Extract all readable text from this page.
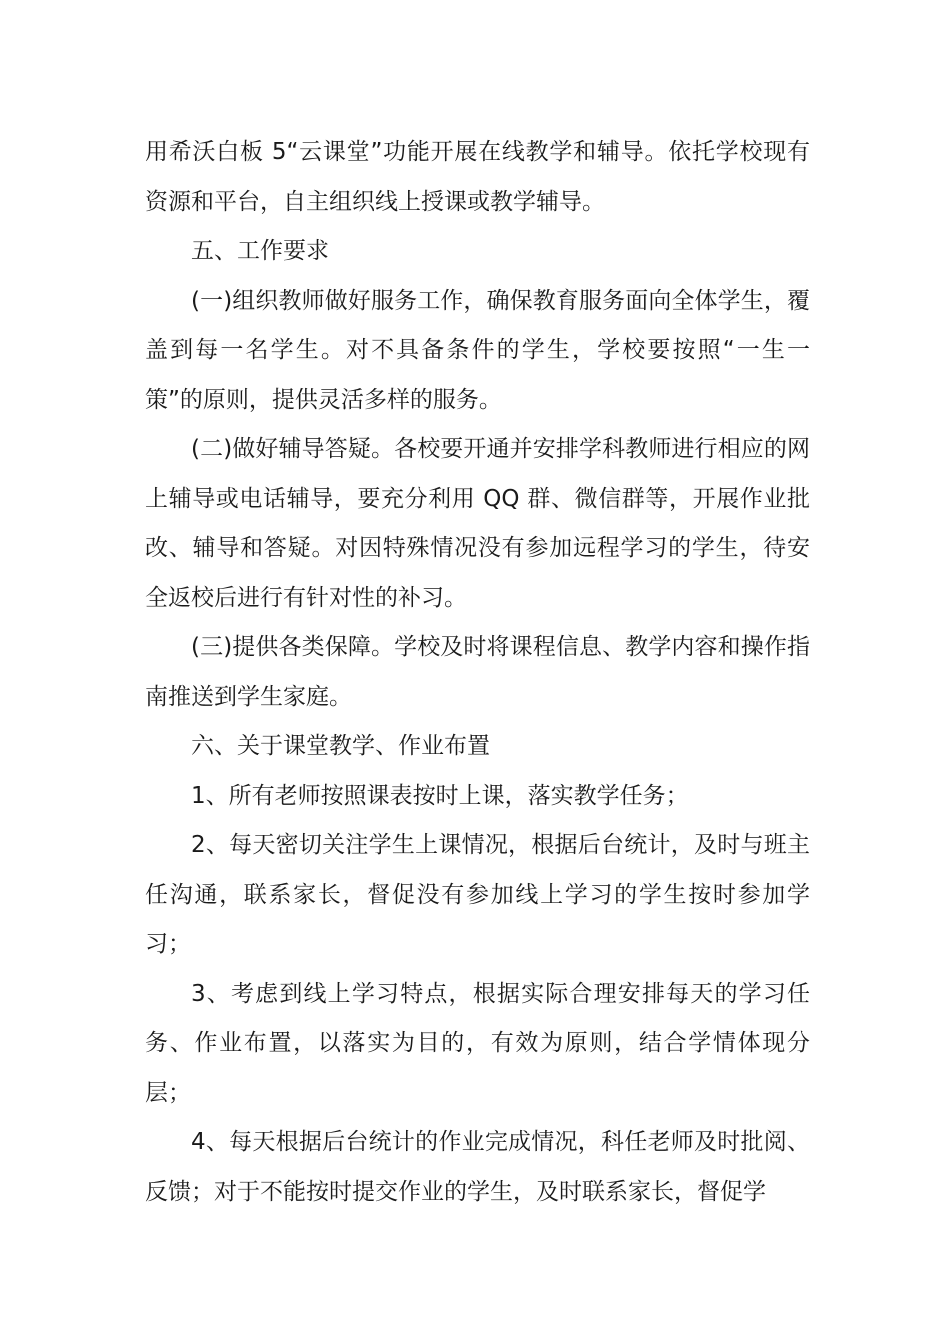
用希沃白板 5“云课堂”功能开展在线教学和辅导。依托学校现有资源和平台，自主组织线上授课或教学辅导。

五、工作要求

(一)组织教师做好服务工作，确保教育服务面向全体学生，覆盖到每一名学生。对不具备条件的学生，学校要按照“一生一策”的原则，提供灵活多样的服务。

(二)做好辅导答疑。各校要开通并安排学科教师进行相应的网上辅导或电话辅导，要充分利用 QQ 群、微信群等，开展作业批改、辅导和答疑。对因特殊情况没有参加远程学习的学生，待安全返校后进行有针对性的补习。

(三)提供各类保障。学校及时将课程信息、教学内容和操作指南推送到学生家庭。

六、关于课堂教学、作业布置

1、所有老师按照课表按时上课，落实教学任务；

2、每天密切关注学生上课情况，根据后台统计，及时与班主任沟通，联系家长，督促没有参加线上学习的学生按时参加学习；

3、考虑到线上学习特点，根据实际合理安排每天的学习任务、作业布置，以落实为目的，有效为原则，结合学情体现分层；

4、每天根据后台统计的作业完成情况，科任老师及时批阅、反馈；对于不能按时提交作业的学生，及时联系家长，督促学
